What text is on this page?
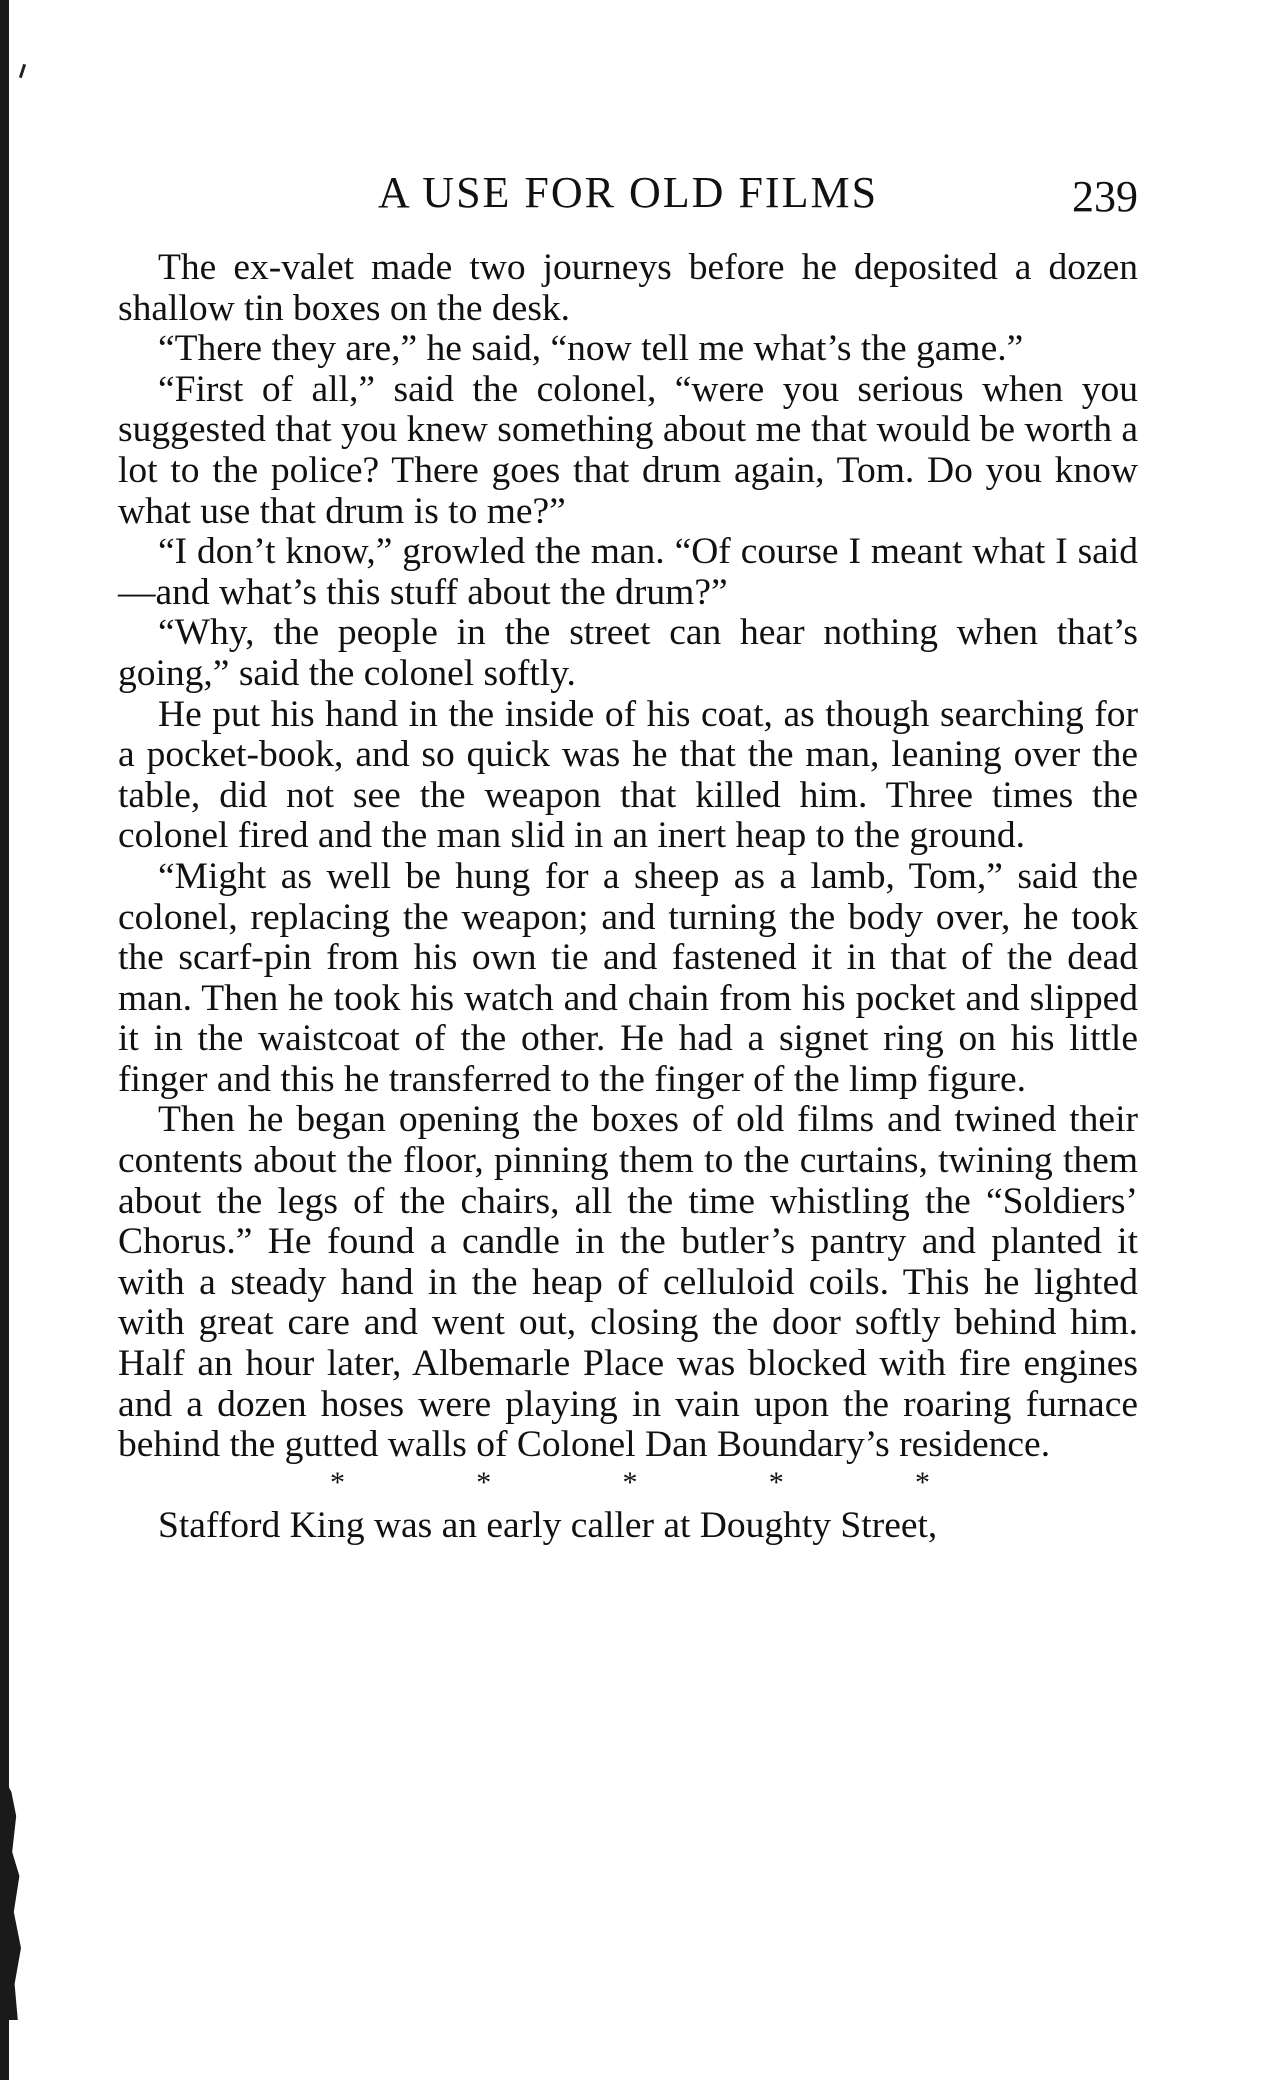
A USE FOR OLD FILMS	239

The ex-valet made two journeys before he deposited a dozen shallow tin boxes on the desk.

“There they are,” he said, “now tell me what’s the game.”

“First of all,” said the colonel, “were you serious when you suggested that you knew something about me that would be worth a lot to the police? There goes that drum again, Tom. Do you know what use that drum is to me?”

“I don’t know,” growled the man. “Of course I meant what I said—and what’s this stuff about the drum?”

“Why, the people in the street can hear nothing when that’s going,” said the colonel softly.

He put his hand in the inside of his coat, as though searching for a pocket-book, and so quick was he that the man, leaning over the table, did not see the weapon that killed him. Three times the colonel fired and the man slid in an inert heap to the ground.

“Might as well be hung for a sheep as a lamb, Tom,” said the colonel, replacing the weapon; and turning the body over, he took the scarf-pin from his own tie and fastened it in that of the dead man. Then he took his watch and chain from his pocket and slipped it in the waistcoat of the other. He had a signet ring on his little finger and this he transferred to the finger of the limp figure.

Then he began opening the boxes of old films and twined their contents about the floor, pinning them to the curtains, twining them about the legs of the chairs, all the time whistling the “Soldiers’ Chorus.” He found a candle in the butler’s pantry and planted it with a steady hand in the heap of celluloid coils. This he lighted with great care and went out, closing the door softly behind him. Half an hour later, Albemarle Place was blocked with fire engines and a dozen hoses were playing in vain upon the roaring furnace behind the gutted walls of Colonel Dan Boundary’s residence.

*	*	*	*	*

Stafford King was an early caller at Doughty Street,
